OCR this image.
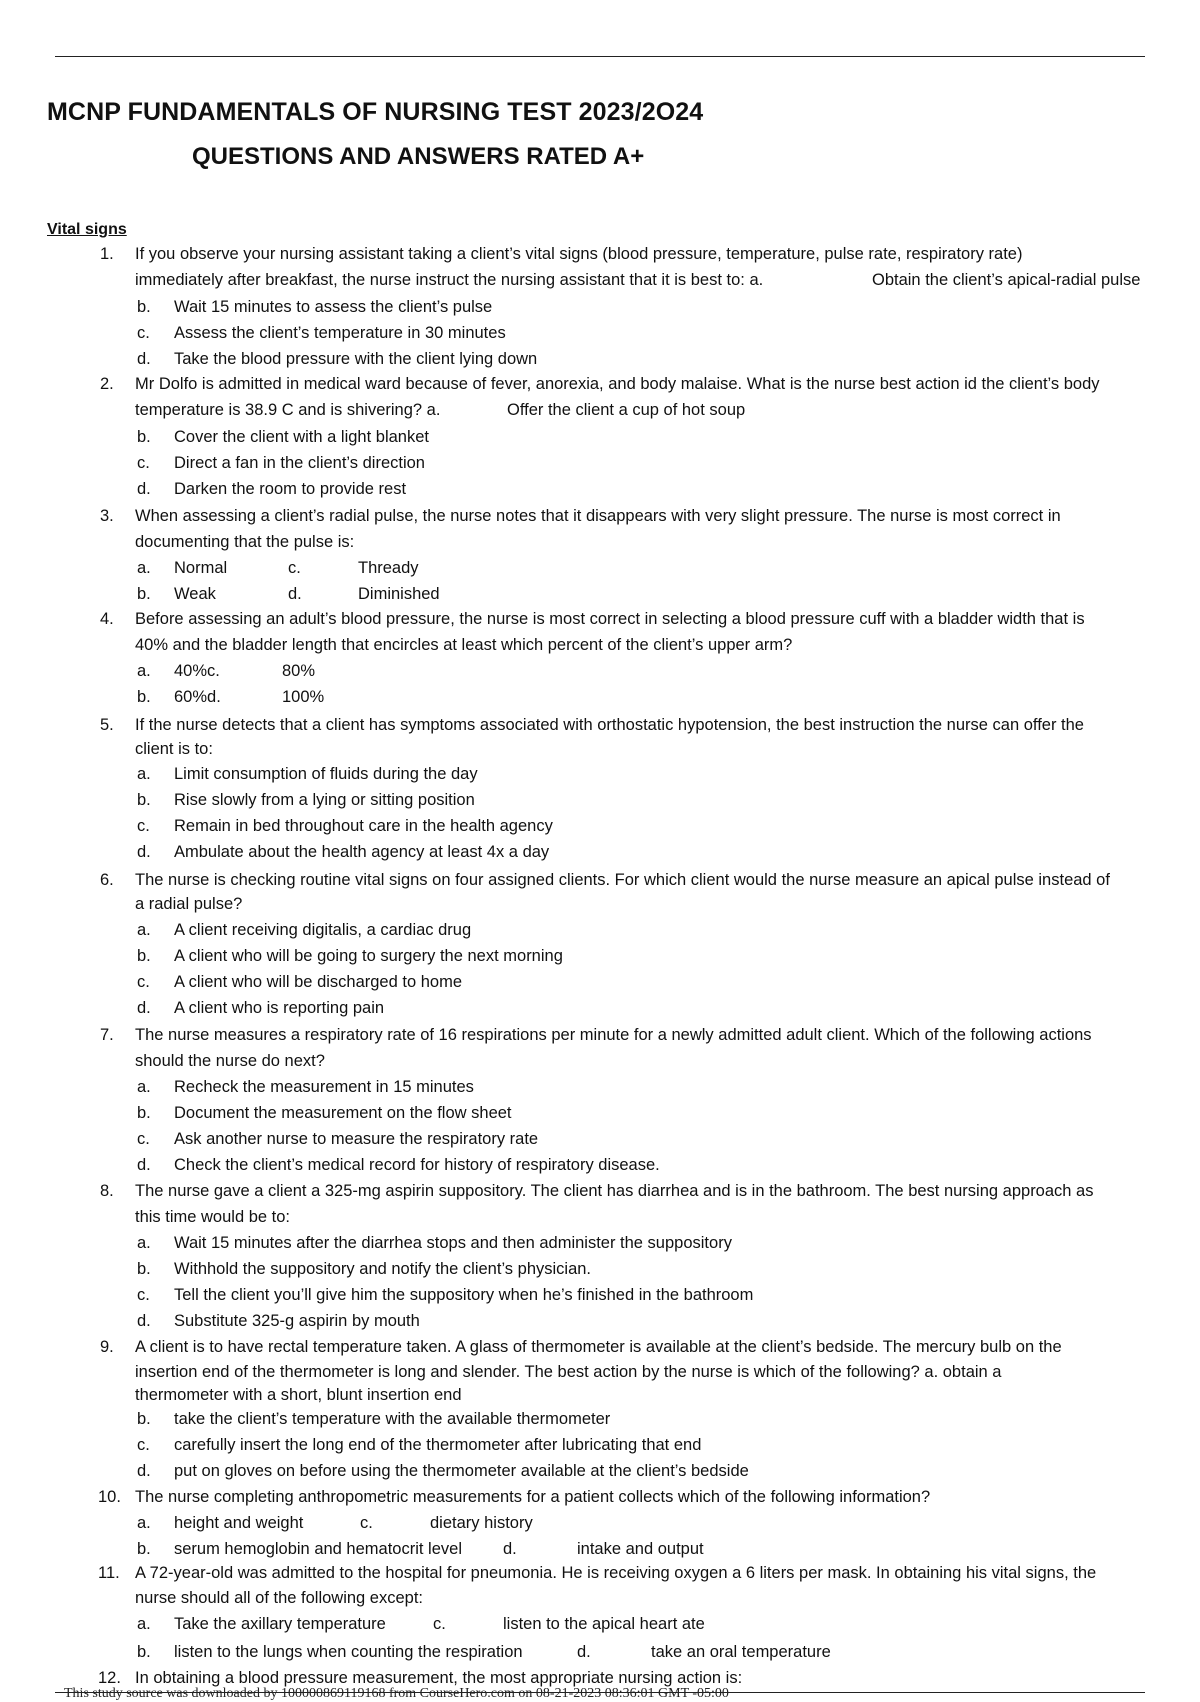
MCNP FUNDAMENTALS OF NURSING TEST 2023/2O24
QUESTIONS AND ANSWERS RATED A+
Vital signs
1. If you observe your nursing assistant taking a client’s vital signs (blood pressure, temperature, pulse rate, respiratory rate)
immediately after breakfast, the nurse instruct the nursing assistant that it is best to: a.	Obtain the client’s apical-radial pulse
b. Wait 15 minutes to assess the client’s pulse
c. Assess the client’s temperature in 30 minutes
d. Take the blood pressure with the client lying down
2. Mr Dolfo is admitted in medical ward because of fever, anorexia, and body malaise. What is the nurse best action id the client’s body
temperature is 38.9 C and is shivering? a.	Offer the client a cup of hot soup
b. Cover the client with a light blanket
c. Direct a fan in the client’s direction
d. Darken the room to provide rest
3. When assessing a client’s radial pulse, the nurse notes that it disappears with very slight pressure. The nurse is most correct in
documenting that the pulse is:
a. Normal	c.	Thready
b. Weak	d.	Diminished
4. Before assessing an adult’s blood pressure, the nurse is most correct in selecting a blood pressure cuff with a bladder width that is
40% and the bladder length that encircles at least which percent of the client’s upper arm?
a. 40%c.	80%
b. 60%d.	100%
5. If the nurse detects that a client has symptoms associated with orthostatic hypotension, the best instruction the nurse can offer the
client is to:
a. Limit consumption of fluids during the day
b. Rise slowly from a lying or sitting position
c. Remain in bed throughout care in the health agency
d. Ambulate about the health agency at least 4x a day
6. The nurse is checking routine vital signs on four assigned clients. For which client would the nurse measure an apical pulse instead of
a radial pulse?
a. A client receiving digitalis, a cardiac drug
b. A client who will be going to surgery the next morning
c. A client who will be discharged to home
d. A client who is reporting pain
7. The nurse measures a respiratory rate of 16 respirations per minute for a newly admitted adult client. Which of the following actions
should the nurse do next?
a. Recheck the measurement in 15 minutes
b. Document the measurement on the flow sheet
c. Ask another nurse to measure the respiratory rate
d. Check the client’s medical record for history of respiratory disease.
8. The nurse gave a client a 325-mg aspirin suppository. The client has diarrhea and is in the bathroom. The best nursing approach as
this time would be to:
a. Wait 15 minutes after the diarrhea stops and then administer the suppository
b. Withhold the suppository and notify the client’s physician.
c. Tell the client you’ll give him the suppository when he’s finished in the bathroom
d. Substitute 325-g aspirin by mouth
9. A client is to have rectal temperature taken. A glass of thermometer is available at the client’s bedside. The mercury bulb on the
insertion end of the thermometer is long and slender. The best action by the nurse is which of the following? a. obtain a
thermometer with a short, blunt insertion end
b. take the client’s temperature with the available thermometer
c. carefully insert the long end of the thermometer after lubricating that end
d. put on gloves on before using the thermometer available at the client’s bedside
10. The nurse completing anthropometric measurements for a patient collects which of the following information?
a. height and weight	c.	dietary history
b. serum hemoglobin and hematocrit level d.	intake and output
11. A 72-year-old was admitted to the hospital for pneumonia. He is receiving oxygen a 6 liters per mask. In obtaining his vital signs, the
nurse should all of the following except:
a. Take the axillary temperature	c.	listen to the apical heart ate
b. listen to the lungs when counting the respiration	d.	take an oral temperature
12. In obtaining a blood pressure measurement, the most appropriate nursing action is:
This study source was downloaded by 100000869119168 from CourseHero.com on 08-21-2023 08:36:01 GMT -05:00
